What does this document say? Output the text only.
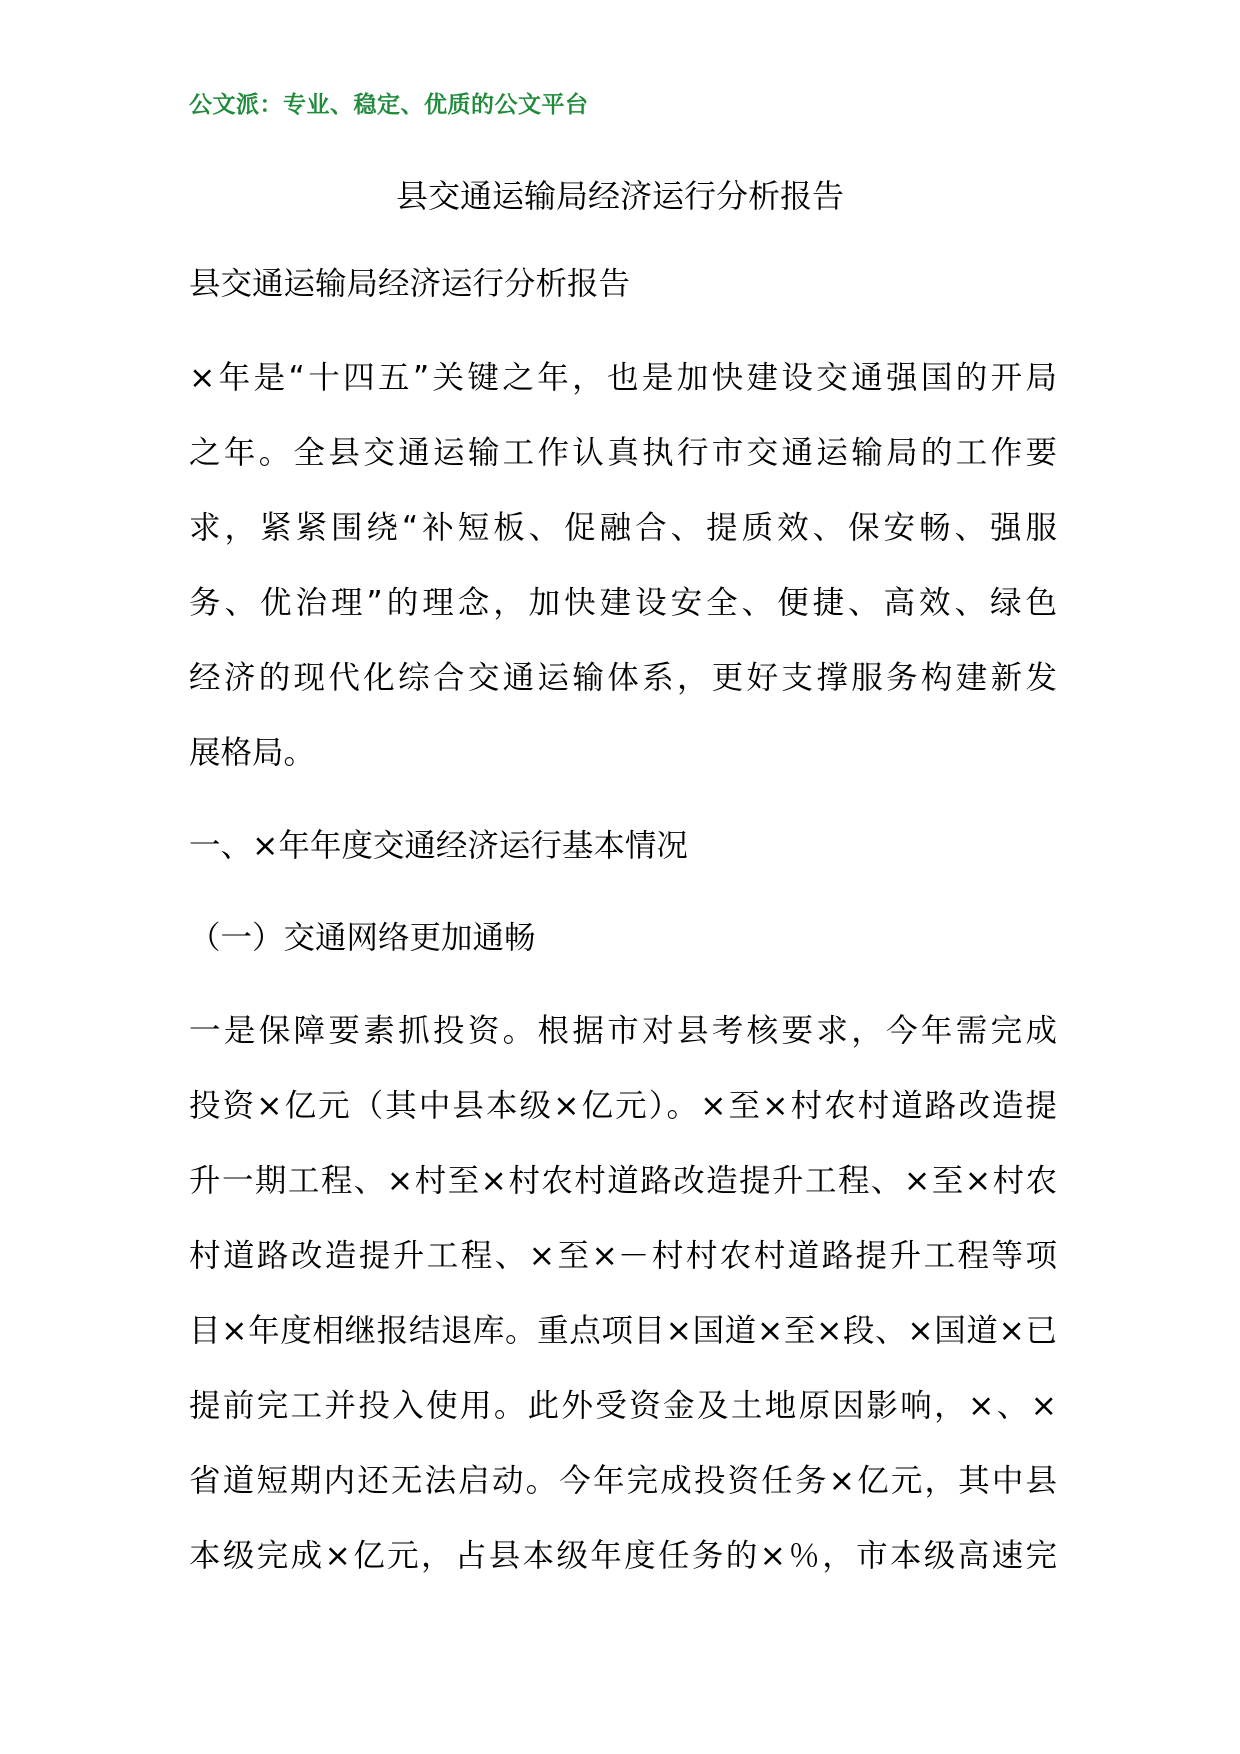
公文派：专业、稳定、优质的公文平台
县交通运输局经济运行分析报告
县交通运输局经济运行分析报告
×年是“十四五”关键之年，也是加快建设交通强国的开局
之年。全县交通运输工作认真执行市交通运输局的工作要
求，紧紧围绕“补短板、促融合、提质效、保安畅、强服
务、优治理”的理念，加快建设安全、便捷、高效、绿色
经济的现代化综合交通运输体系，更好支撑服务构建新发
展格局。
一、×年年度交通经济运行基本情况
（一）交通网络更加通畅
一是保障要素抓投资。根据市对县考核要求，今年需完成
投资×亿元（其中县本级×亿元）。×至×村农村道路改造提
升一期工程、×村至×村农村道路改造提升工程、×至×村农
村道路改造提升工程、×至×－村村农村道路提升工程等项
目×年度相继报结退库。重点项目×国道×至×段、×国道×已
提前完工并投入使用。此外受资金及土地原因影响，×、×
省道短期内还无法启动。今年完成投资任务×亿元，其中县
本级完成×亿元，占县本级年度任务的×％，市本级高速完
